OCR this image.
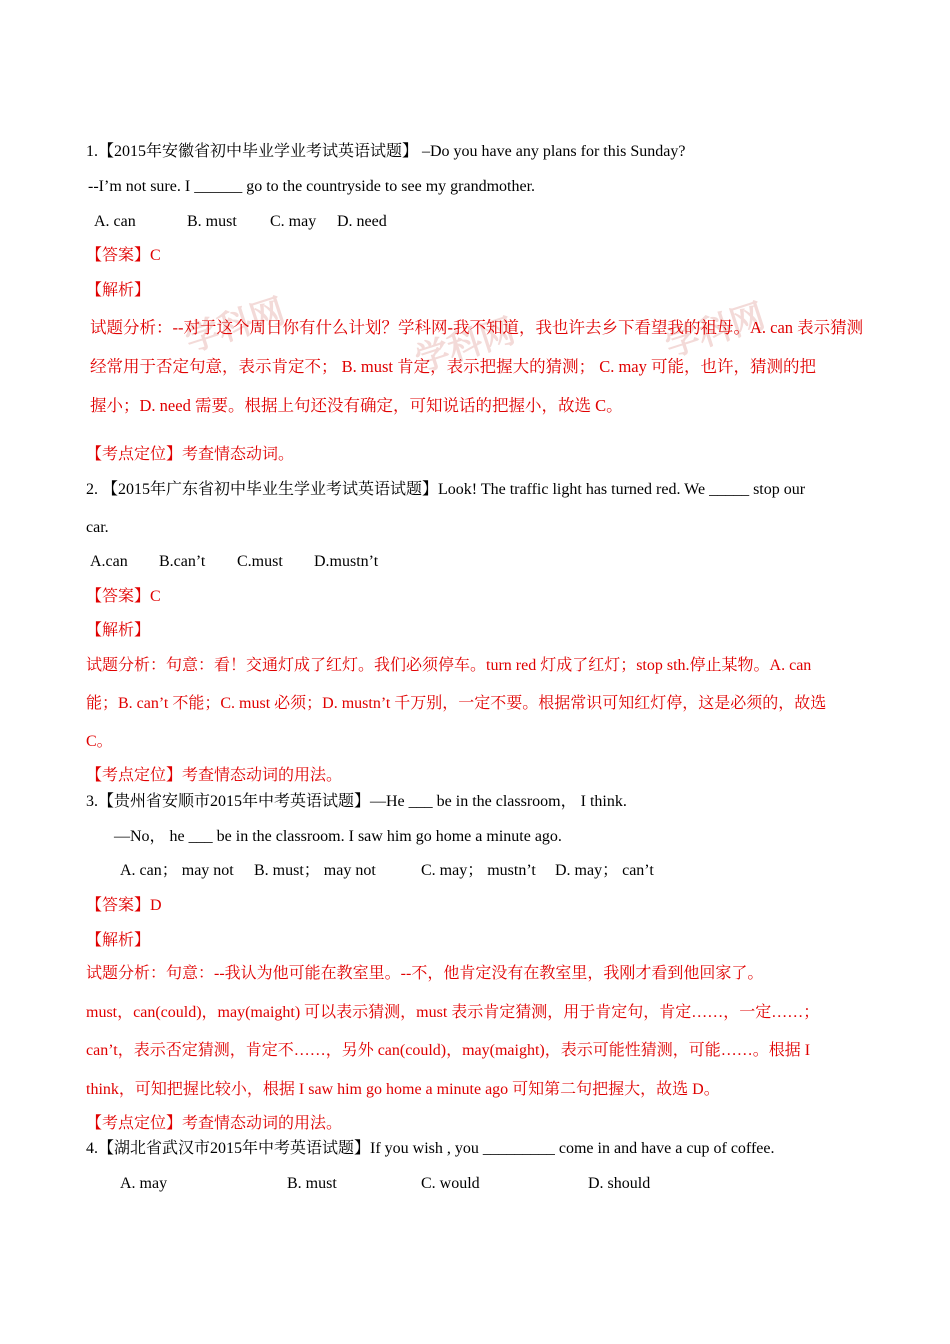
学科网	学科网	学科网
1.【2015年安徽省初中毕业学业考试英语试题】 –Do you have any plans for this Sunday?
--I’m not sure. I ______ go to the countryside to see my grandmother.
A. can	B. must C. may D. need
【答案】C
【解析】
试题分析：--对于这个周日你有什么计划？学科网-我不知道，我也许去乡下看望我的祖母。A. can 表示猜测
经常用于否定句意，表示肯定不； B. must 肯定，表示把握大的猜测； C. may 可能，也许，猜测的把
握小；D. need 需要。根据上句还没有确定，可知说话的把握小，故选 C。
【考点定位】考查情态动词。
2. 【2015年广东省初中毕业生学业考试英语试题】Look! The traffic light has turned red. We _____ stop our
car.
A.can B.can’t C.must D.mustn’t
【答案】C
【解析】
试题分析：句意：看！交通灯成了红灯。我们必须停车。turn red 灯成了红灯；stop sth.停止某物。A. can
能；B. can’t 不能；C. must 必须；D. mustn’t 千万别，一定不要。根据常识可知红灯停，这是必须的，故选
C。
【考点定位】考查情态动词的用法。
3.【贵州省安顺市2015年中考英语试题】—He ___ be in the classroom， I think.
—No， he ___ be in the classroom. I saw him go home a minute ago.
A. can； may not B. must； may not	C. may； mustn’t D. may； can’t
【答案】D
【解析】
试题分析：句意：--我认为他可能在教室里。--不，他肯定没有在教室里，我刚才看到他回家了。
must，can(could)，may(maight) 可以表示猜测，must 表示肯定猜测，用于肯定句，肯定……，一定……；
can’t，表示否定猜测，肯定不……，另外 can(could)，may(maight)，表示可能性猜测，可能……。根据 I
think，可知把握比较小，根据 I saw him go home a minute ago 可知第二句把握大，故选 D。
【考点定位】考查情态动词的用法。
4.【湖北省武汉市2015年中考英语试题】If you wish , you _________ come in and have a cup of coffee.
A. may	B. must	C. would	D. should
